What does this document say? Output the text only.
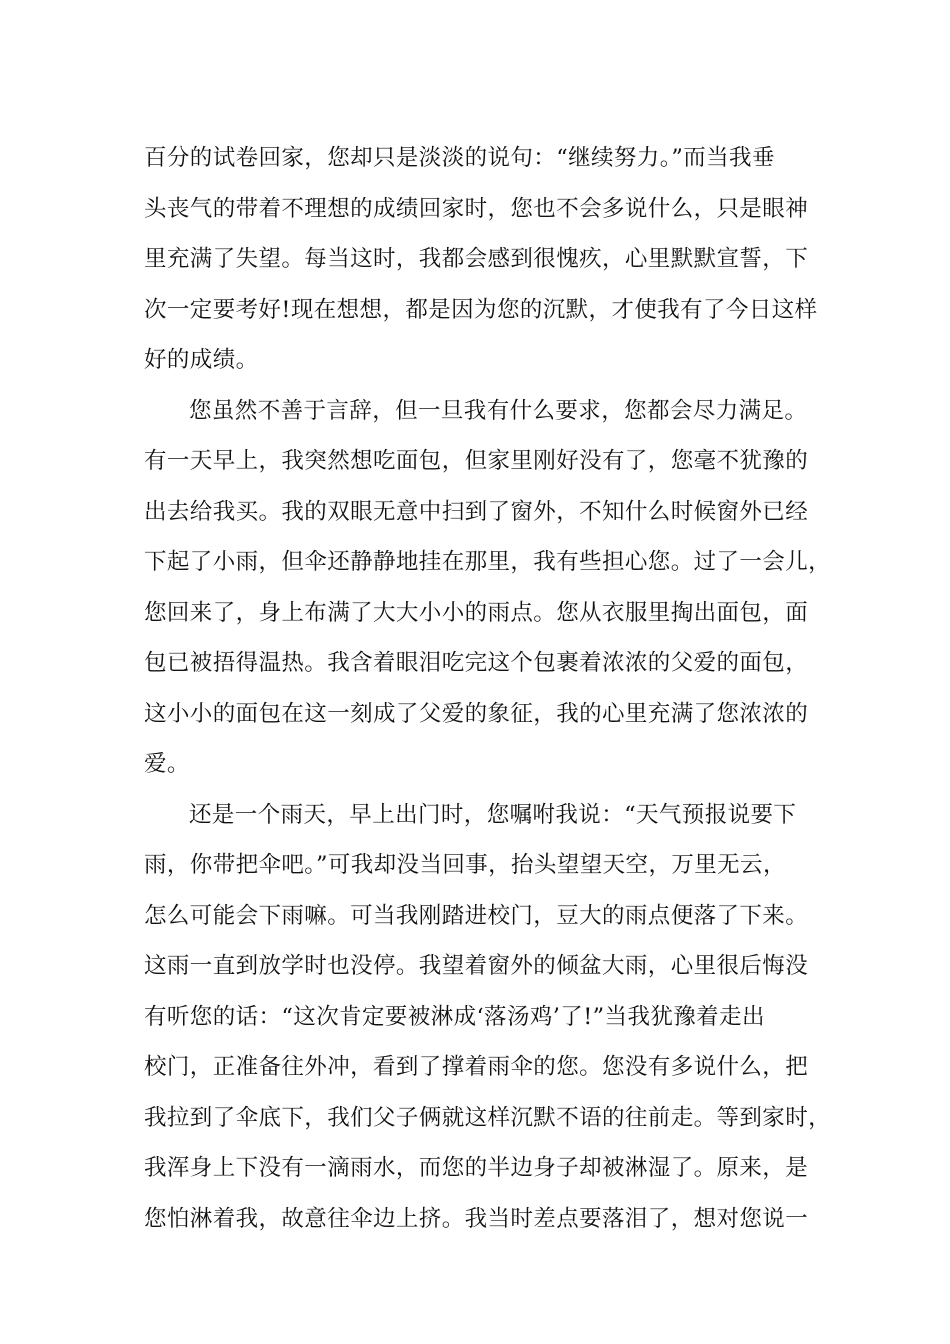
百分的试卷回家，您却只是淡淡的说句：“继续努力。”而当我垂
头丧气的带着不理想的成绩回家时，您也不会多说什么，只是眼神
里充满了失望。每当这时，我都会感到很愧疚，心里默默宣誓，下
次一定要考好!现在想想，都是因为您的沉默，才使我有了今日这样
好的成绩。
您虽然不善于言辞，但一旦我有什么要求，您都会尽力满足。
有一天早上，我突然想吃面包，但家里刚好没有了，您毫不犹豫的
出去给我买。我的双眼无意中扫到了窗外，不知什么时候窗外已经
下起了小雨，但伞还静静地挂在那里，我有些担心您。过了一会儿，
您回来了，身上布满了大大小小的雨点。您从衣服里掏出面包，面
包已被捂得温热。我含着眼泪吃完这个包裹着浓浓的父爱的面包，
这小小的面包在这一刻成了父爱的象征，我的心里充满了您浓浓的
爱。
还是一个雨天，早上出门时，您嘱咐我说：“天气预报说要下
雨，你带把伞吧。”可我却没当回事，抬头望望天空，万里无云，
怎么可能会下雨嘛。可当我刚踏进校门，豆大的雨点便落了下来。
这雨一直到放学时也没停。我望着窗外的倾盆大雨，心里很后悔没
有听您的话：“这次肯定要被淋成‘落汤鸡’了!”当我犹豫着走出
校门，正准备往外冲，看到了撑着雨伞的您。您没有多说什么，把
我拉到了伞底下，我们父子俩就这样沉默不语的往前走。等到家时，
我浑身上下没有一滴雨水，而您的半边身子却被淋湿了。原来，是
您怕淋着我，故意往伞边上挤。我当时差点要落泪了，想对您说一
